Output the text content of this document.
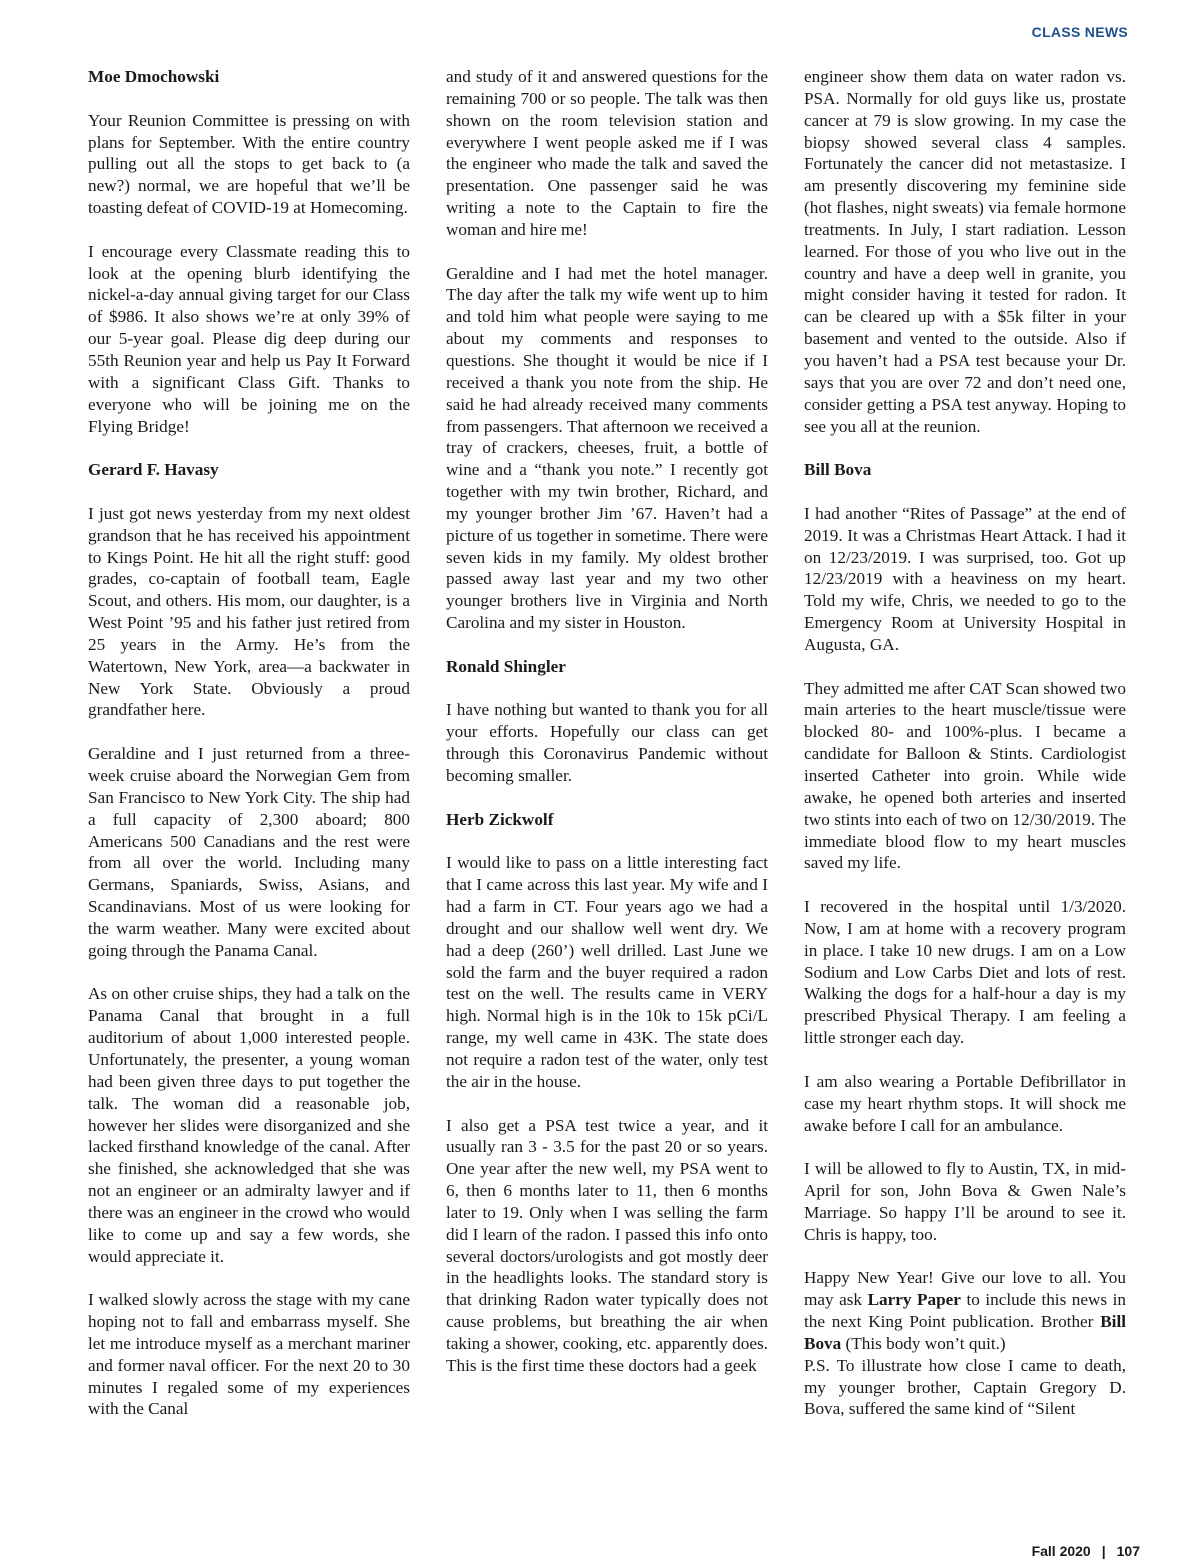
CLASS NEWS
Moe Dmochowski

Your Reunion Committee is pressing on with plans for September. With the entire country pulling out all the stops to get back to (a new?) normal, we are hopeful that we’ll be toasting defeat of COVID-19 at Homecoming.

I encourage every Classmate reading this to look at the opening blurb identifying the nickel-a-day annual giving target for our Class of $986. It also shows we’re at only 39% of our 5-year goal. Please dig deep during our 55th Reunion year and help us Pay It Forward with a significant Class Gift. Thanks to everyone who will be joining me on the Flying Bridge!

Gerard F. Havasy

I just got news yesterday from my next oldest grandson that he has received his appointment to Kings Point. He hit all the right stuff: good grades, co-captain of football team, Eagle Scout, and others. His mom, our daughter, is a West Point ’95 and his father just retired from 25 years in the Army. He’s from the Watertown, New York, area—a backwater in New York State. Obviously a proud grandfather here.

Geraldine and I just returned from a three-week cruise aboard the Norwegian Gem from San Francisco to New York City. The ship had a full capacity of 2,300 aboard; 800 Americans 500 Canadians and the rest were from all over the world. Including many Germans, Spaniards, Swiss, Asians, and Scandinavians. Most of us were looking for the warm weather. Many were excited about going through the Panama Canal.

As on other cruise ships, they had a talk on the Panama Canal that brought in a full auditorium of about 1,000 interested people. Unfortunately, the presenter, a young woman had been given three days to put together the talk. The woman did a reasonable job, however her slides were disorganized and she lacked firsthand knowledge of the canal. After she finished, she acknowledged that she was not an engineer or an admiralty lawyer and if there was an engineer in the crowd who would like to come up and say a few words, she would appreciate it.

I walked slowly across the stage with my cane hoping not to fall and embarrass myself. She let me introduce myself as a merchant mariner and former naval officer. For the next 20 to 30 minutes I regaled some of my experiences with the Canal

and study of it and answered questions for the remaining 700 or so people. The talk was then shown on the room television station and everywhere I went people asked me if I was the engineer who made the talk and saved the presentation. One passenger said he was writing a note to the Captain to fire the woman and hire me!

Geraldine and I had met the hotel manager. The day after the talk my wife went up to him and told him what people were saying to me about my comments and responses to questions. She thought it would be nice if I received a thank you note from the ship. He said he had already received many comments from passengers. That afternoon we received a tray of crackers, cheeses, fruit, a bottle of wine and a “thank you note.” I recently got together with my twin brother, Richard, and my younger brother Jim ’67. Haven’t had a picture of us together in sometime. There were seven kids in my family. My oldest brother passed away last year and my two other younger brothers live in Virginia and North Carolina and my sister in Houston.

Ronald Shingler

I have nothing but wanted to thank you for all your efforts. Hopefully our class can get through this Coronavirus Pandemic without becoming smaller.

Herb Zickwolf

I would like to pass on a little interesting fact that I came across this last year. My wife and I had a farm in CT. Four years ago we had a drought and our shallow well went dry. We had a deep (260’) well drilled. Last June we sold the farm and the buyer required a radon test on the well. The results came in VERY high. Normal high is in the 10k to 15k pCi/L range, my well came in 43K. The state does not require a radon test of the water, only test the air in the house.

I also get a PSA test twice a year, and it usually ran 3 - 3.5 for the past 20 or so years. One year after the new well, my PSA went to 6, then 6 months later to 11, then 6 months later to 19. Only when I was selling the farm did I learn of the radon. I passed this info onto several doctors/urologists and got mostly deer in the headlights looks. The standard story is that drinking Radon water typically does not cause problems, but breathing the air when taking a shower, cooking, etc. apparently does. This is the first time these doctors had a geek

engineer show them data on water radon vs. PSA. Normally for old guys like us, prostate cancer at 79 is slow growing. In my case the biopsy showed several class 4 samples. Fortunately the cancer did not metastasize. I am presently discovering my feminine side (hot flashes, night sweats) via female hormone treatments. In July, I start radiation. Lesson learned. For those of you who live out in the country and have a deep well in granite, you might consider having it tested for radon. It can be cleared up with a $5k filter in your basement and vented to the outside. Also if you haven’t had a PSA test because your Dr. says that you are over 72 and don’t need one, consider getting a PSA test anyway. Hoping to see you all at the reunion.

Bill Bova

I had another “Rites of Passage” at the end of 2019. It was a Christmas Heart Attack. I had it on 12/23/2019. I was surprised, too. Got up 12/23/2019 with a heaviness on my heart. Told my wife, Chris, we needed to go to the Emergency Room at University Hospital in Augusta, GA.

They admitted me after CAT Scan showed two main arteries to the heart muscle/tissue were blocked 80- and 100%-plus. I became a candidate for Balloon & Stints. Cardiologist inserted Catheter into groin. While wide awake, he opened both arteries and inserted two stints into each of two on 12/30/2019. The immediate blood flow to my heart muscles saved my life.

I recovered in the hospital until 1/3/2020. Now, I am at home with a recovery program in place. I take 10 new drugs. I am on a Low Sodium and Low Carbs Diet and lots of rest. Walking the dogs for a half-hour a day is my prescribed Physical Therapy. I am feeling a little stronger each day.

I am also wearing a Portable Defibrillator in case my heart rhythm stops. It will shock me awake before I call for an ambulance.

I will be allowed to fly to Austin, TX, in mid-April for son, John Bova & Gwen Nale’s Marriage. So happy I’ll be around to see it. Chris is happy, too.

Happy New Year! Give our love to all. You may ask Larry Paper to include this news in the next King Point publication. Brother Bill Bova (This body won’t quit.)

P.S. To illustrate how close I came to death, my younger brother, Captain Gregory D. Bova, suffered the same kind of “Silent

Fall 2020 | 107
